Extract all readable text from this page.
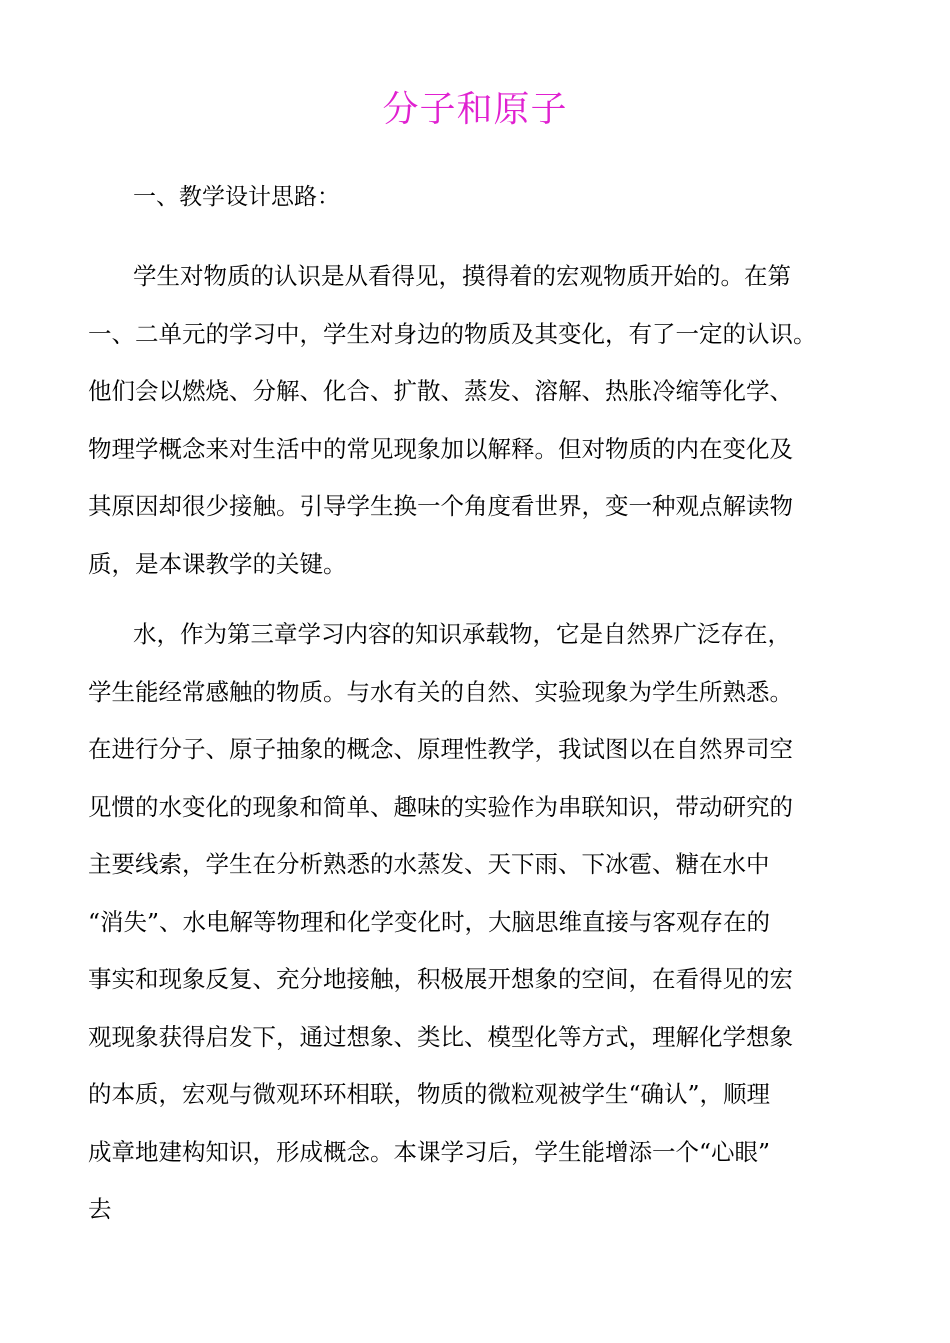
分子和原子
一、教学设计思路：
学生对物质的认识是从看得见，摸得着的宏观物质开始的。在第
一、二单元的学习中，学生对身边的物质及其变化，有了一定的认识。
他们会以燃烧、分解、化合、扩散、蒸发、溶解、热胀冷缩等化学、
物理学概念来对生活中的常见现象加以解释。但对物质的内在变化及
其原因却很少接触。引导学生换一个角度看世界，变一种观点解读物
质，是本课教学的关键。
水，作为第三章学习内容的知识承载物，它是自然界广泛存在，
学生能经常感触的物质。与水有关的自然、实验现象为学生所熟悉。
在进行分子、原子抽象的概念、原理性教学，我试图以在自然界司空
见惯的水变化的现象和简单、趣味的实验作为串联知识，带动研究的
主要线索，学生在分析熟悉的水蒸发、天下雨、下冰雹、糖在水中
“消失”、水电解等物理和化学变化时，大脑思维直接与客观存在的
事实和现象反复、充分地接触，积极展开想象的空间，在看得见的宏
观现象获得启发下，通过想象、类比、模型化等方式，理解化学想象
的本质，宏观与微观环环相联，物质的微粒观被学生“确认”，顺理
成章地建构知识，形成概念。本课学习后，学生能增添一个“心眼”
去
